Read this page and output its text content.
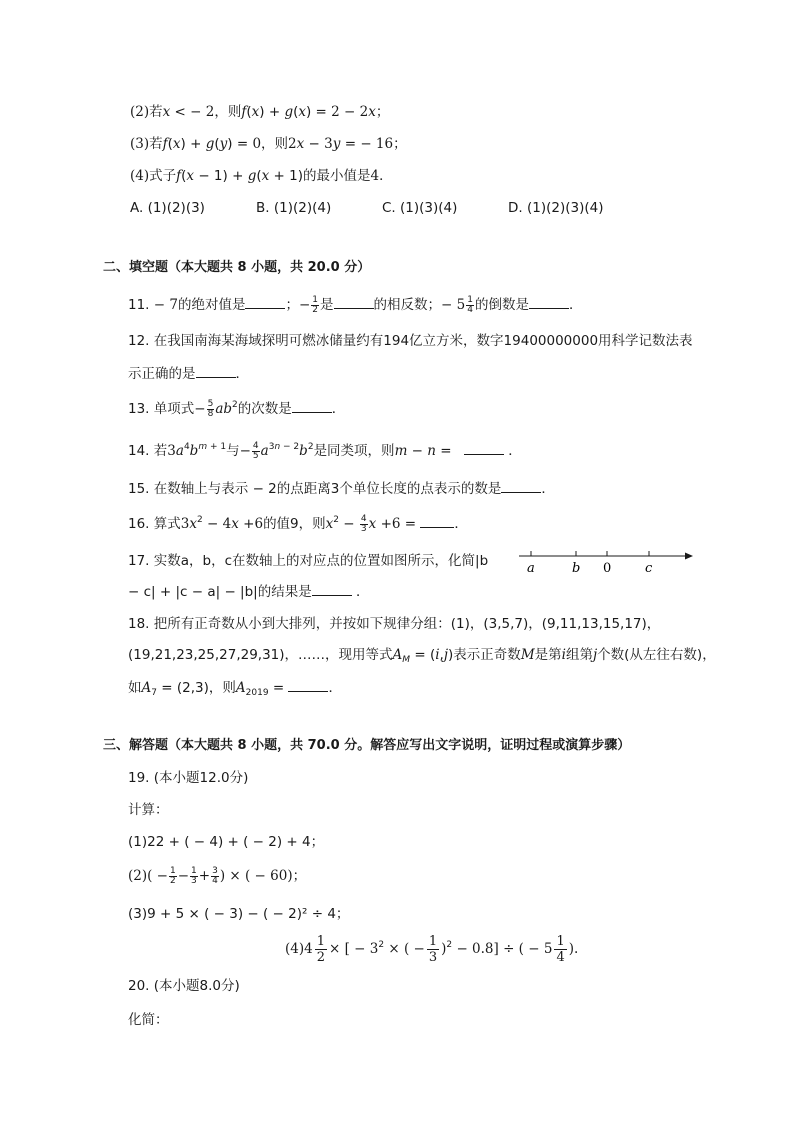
(2)若x < − 2，则f(x) + g(x) = 2 − 2x；
(3)若f(x) + g(y) = 0，则2x − 3y = − 16；
(4)式子f(x − 1) + g(x + 1)的最小值是4．
A. (1)(2)(3)	B. (1)(2)(4)	C. (1)(3)(4)	D. (1)(2)(3)(4)
二、填空题（本大题共 8 小题，共 20.0 分）
11. − 7的绝对值是	；− $\frac{1}{2}$ 是	的相反数；− $5 \frac{1}{4}$ 的倒数是	．
12. 在我国南海某海域探明可燃冰储量约有194亿立方米，数字19400000000用科学记数法表
示正确的是	．
13. 单项式− $\frac{5}{8} ab^2$的次数是	．
14. 若$3a^4b^{m + 1}$与− $\frac{4}{5} a^{3n - 2}b^2$是同类项，则m − n =	．
15. 在数轴上与表示 − 2的点距离3个单位长度的点表示的数是	．
16. 算式$3x^2 - 4x +6$的值9，则$x^2 - \frac{4}{3}$ x +6 =	．
17. 实数a，b，c在数轴上的对应点的位置如图所示，化简|b
− c| + |c − a| − |b|的结果是	．
a	b 0	c
18. 把所有正奇数从小到大排列，并按如下规律分组：(1)，(3,5,7)，(9,11,13,15,17)，
(19,21,23,25,27,29,31)，……，现用等式$A_M = (i,j)$表示正奇数M是第i组第j个数(从左往右数)，
如$A_7 = (2,3)$，则$A_{2019}$ =	．
三、解答题（本大题共 8 小题，共 70.0 分。解答应写出文字说明，证明过程或演算步骤）
19. (本小题12.0分)
计算：
(1)22 + ( − 4) + ( − 2) + 4；
$(2)( - \frac{1}{2} - \frac{1}{3} + \frac{3}{4}$ ) × ( − 60)；
(3)9 + 5 × ( − 3) − ( − 2)² ÷ 4；
$(4)4 \frac{1}{2}$ × [ − $3^2$ × ( − $\frac{1}{3} )^2 - 0.8$] ÷ ( − $5 \frac{1}{4}$ ).
20. (本小题8.0分)
化简：
